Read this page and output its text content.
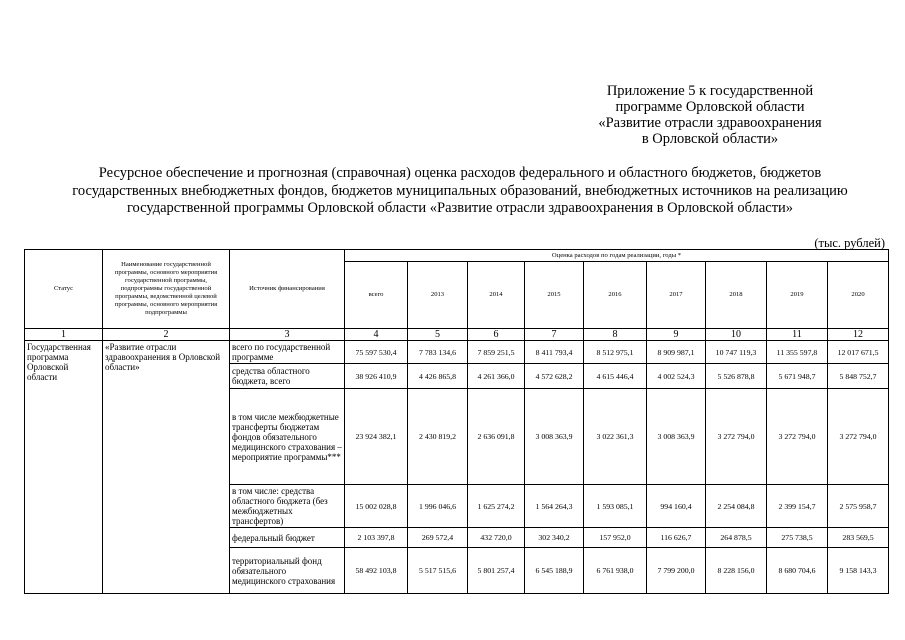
Приложение 5 к государственной
программе Орловской области
«Развитие отрасли здравоохранения
в Орловской области»
Ресурсное обеспечение и прогнозная (справочная) оценка расходов федерального и областного бюджетов, бюджетов
государственных внебюджетных фондов, бюджетов муниципальных образований, внебюджетных источников на реализацию
государственной программы Орловской области «Развитие отрасли здравоохранения в Орловской области»
(тыс. рублей)
Статус	Наименование государственной программы, основного мероприятия государственной программы, подпрограммы государственной программы, ведомственной целевой программы, основного мероприятия подпрограммы	Источник финансирования	Оценка расходов по годам реализации, годы *								
			всего	2013	2014	2015	2016	2017	2018	2019	2020
1	2	3	4	5	6	7	8	9	10	11	12
Государственная программа Орловской области	«Развитие отрасли здравоохранения в Орловской области»	всего по государственной программе	75 597 530,4	7 783 134,6	7 859 251,5	8 411 793,4	8 512 975,1	8 909 987,1	10 747 119,3	11 355 597,8	12 017 671,5
		средства областного бюджета, всего	38 926 410,9	4 426 865,8	4 261 366,0	4 572 628,2	4 615 446,4	4 002 524,3	5 526 878,8	5 671 948,7	5 848 752,7
		в том числе межбюджетные трансферты бюджетам фондов обязательного медицинского страхования – мероприятие программы***	23 924 382,1	2 430 819,2	2 636 091,8	3 008 363,9	3 022 361,3	3 008 363,9	3 272 794,0	3 272 794,0	3 272 794,0
		в том числе: средства областного бюджета (без межбюджетных трансфертов)	15 002 028,8	1 996 046,6	1 625 274,2	1 564 264,3	1 593 085,1	994 160,4	2 254 084,8	2 399 154,7	2 575 958,7
		федеральный бюджет	2 103 397,8	269 572,4	432 720,0	302 340,2	157 952,0	116 626,7	264 878,5	275 738,5	283 569,5
		территориальный фонд обязательного медицинского страхования	58 492 103,8	5 517 515,6	5 801 257,4	6 545 188,9	6 761 938,0	7 799 200,0	8 228 156,0	8 680 704,6	9 158 143,3
